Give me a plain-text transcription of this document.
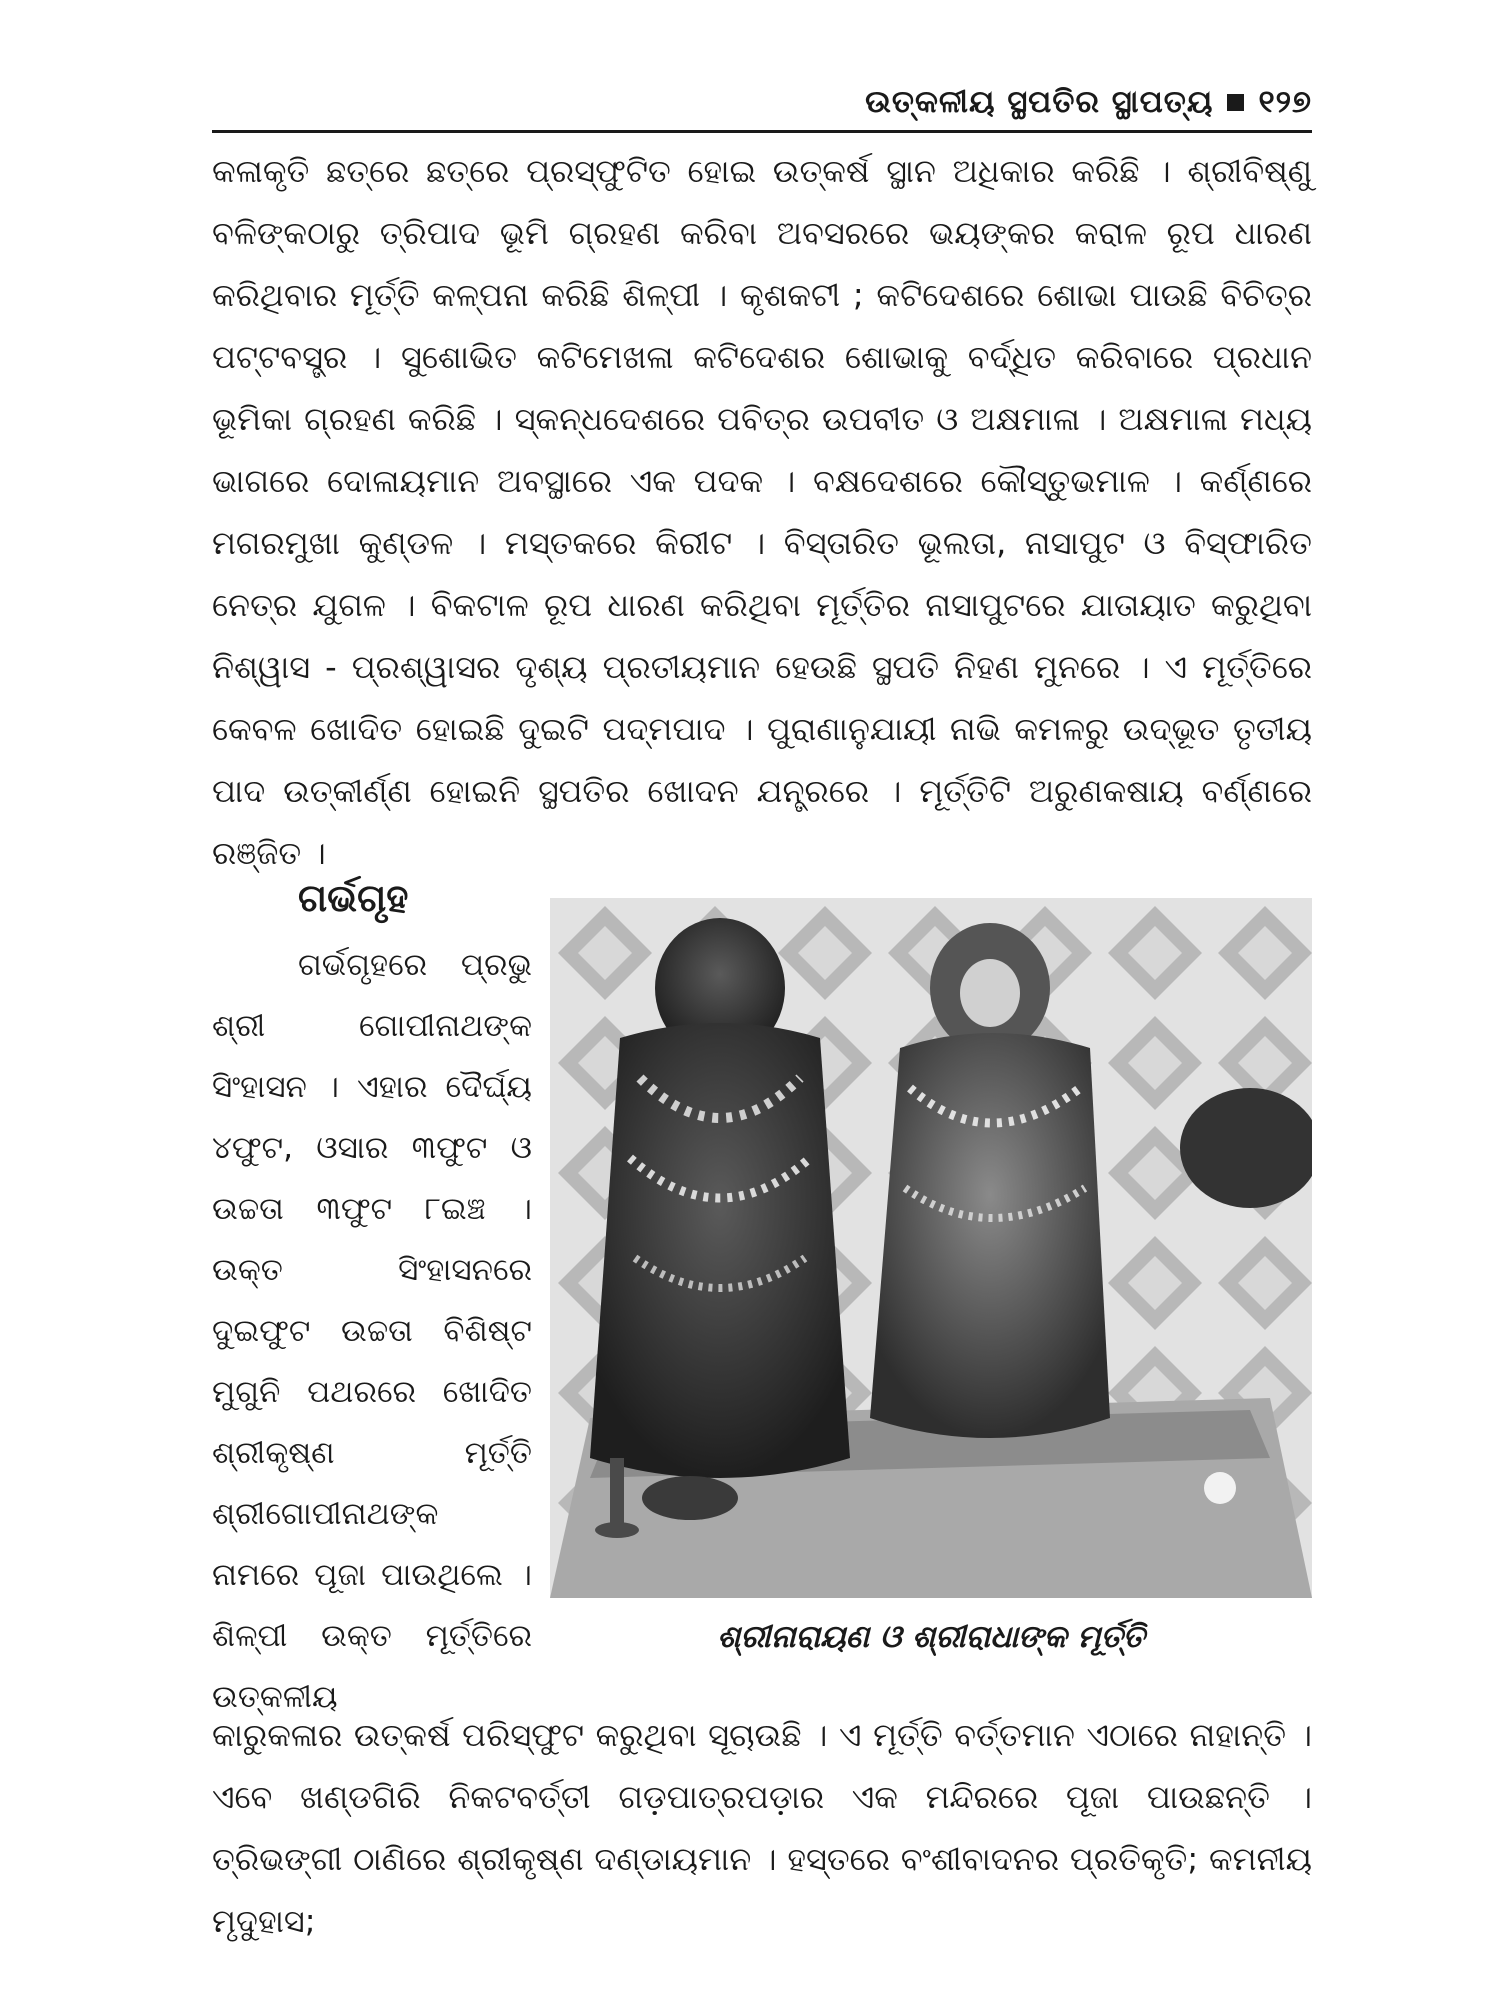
ଉତ୍କଳୀୟ ସ୍ଥପତିର ସ୍ଥାପତ୍ୟ ୧୨୭

କଳାକୃତି ଛତ୍ରେ ଛତ୍ରେ ପ୍ରସ୍ଫୁଟିତ ହୋଇ ଉତ୍କର୍ଷ ସ୍ଥାନ ଅଧିକାର କରିଛି । ଶ୍ରୀବିଷ୍ଣୁ ବଳିଙ୍କଠାରୁ ତ୍ରିପାଦ ଭୂମି ଗ୍ରହଣ କରିବା ଅବସରରେ ଭୟଙ୍କର କରାଳ ରୂପ ଧାରଣ କରିଥିବାର ମୂର୍ତ୍ତି କଳ୍ପନା କରିଛି ଶିଳ୍ପୀ । କୃଶକଟୀ ; କଟିଦେଶରେ ଶୋଭା ପାଉଛି ବିଚିତ୍ର ପଟ୍ଟବସ୍ତ୍ର । ସୁଶୋଭିତ କଟିମେଖଳା କଟିଦେଶର ଶୋଭାକୁ ବର୍ଦ୍ଧିତ କରିବାରେ ପ୍ରଧାନ ଭୂମିକା ଗ୍ରହଣ କରିଛି । ସ୍କନ୍ଧଦେଶରେ ପବିତ୍ର ଉପବୀତ ଓ ଅକ୍ଷମାଳା । ଅକ୍ଷମାଳା ମଧ୍ୟ ଭାଗରେ ଦୋଳାୟମାନ ଅବସ୍ଥାରେ ଏକ ପଦକ । ବକ୍ଷଦେଶରେ କୌସ୍ତୁଭମାଳ । କର୍ଣ୍ଣରେ ମଗରମୁଖା କୁଣ୍ଡଳ । ମସ୍ତକରେ କିରୀଟ । ବିସ୍ତାରିତ ଭୂଲତା, ନାସାପୁଟ ଓ ବିସ୍ଫାରିତ ନେତ୍ର ଯୁଗଳ । ବିକଟାଳ ରୂପ ଧାରଣ କରିଥିବା ମୂର୍ତ୍ତିର ନାସାପୁଟରେ ଯାତାୟାତ କରୁଥିବା ନିଶ୍ୱାସ - ପ୍ରଶ୍ୱାସର ଦୃଶ୍ୟ ପ୍ରତୀୟମାନ ହେଉଛି ସ୍ଥପତି ନିହଣ ମୁନରେ । ଏ ମୂର୍ତ୍ତିରେ କେବଳ ଖୋଦିତ ହୋଇଛି ଦୁଇଟି ପଦ୍ମପାଦ । ପୁରାଣାନୁଯାୟୀ ନାଭି କମଳରୁ ଉଦ୍ଭୂତ ତୃତୀୟ ପାଦ ଉତ୍କୀର୍ଣ୍ଣ ହୋଇନି ସ୍ଥପତିର ଖୋଦନ ଯନ୍ତ୍ରରେ । ମୂର୍ତ୍ତିଟି ଅରୁଣକଷାୟ ବର୍ଣ୍ଣରେ ରଞ୍ଜିତ ।

ଗର୍ଭଗୃହ

ଗର୍ଭଗୃହରେ ପ୍ରଭୁ ଶ୍ରୀ ଗୋପୀନାଥଙ୍କ ସିଂହାସନ । ଏହାର ଦୈର୍ଘ୍ୟ ୪ଫୁଟ, ଓସାର ୩ଫୁଟ ଓ ଉଚ୍ଚତା ୩ଫୁଟ ୮ଇଞ୍ଚ । ଉକ୍ତ ସିଂହାସନରେ ଦୁଇଫୁଟ ଉଚ୍ଚତା ବିଶିଷ୍ଟ ମୁଗୁନି ପଥରରେ ଖୋଦିତ ଶ୍ରୀକୃଷ୍ଣ ମୂର୍ତ୍ତି ଶ୍ରୀଗୋପୀନାଥଙ୍କ ନାମରେ ପୂଜା ପାଉଥିଲେ । ଶିଳ୍ପୀ ଉକ୍ତ ମୂର୍ତ୍ତିରେ ଉତ୍କଳୀୟ

ଶ୍ରୀନାରାୟଣ ଓ ଶ୍ରୀରାଧାଙ୍କ ମୂର୍ତ୍ତି

କାରୁକଳାର ଉତ୍କର୍ଷ ପରିସ୍ଫୁଟ କରୁଥିବା ସୂଚାଉଛି । ଏ ମୂର୍ତ୍ତି ବର୍ତ୍ତମାନ ଏଠାରେ ନାହାନ୍ତି । ଏବେ ଖଣ୍ଡଗିରି ନିକଟବର୍ତ୍ତୀ ଗଡ଼ପାତ୍ରପଡ଼ାର ଏକ ମନ୍ଦିରରେ ପୂଜା ପାଉଛନ୍ତି । ତ୍ରିଭଙ୍ଗୀ ଠାଣିରେ ଶ୍ରୀକୃଷ୍ଣ ଦଣ୍ଡାୟମାନ । ହସ୍ତରେ ବଂଶୀବାଦନର ପ୍ରତିକୃତି; କମନୀୟ ମୃଦୁହାସ;
